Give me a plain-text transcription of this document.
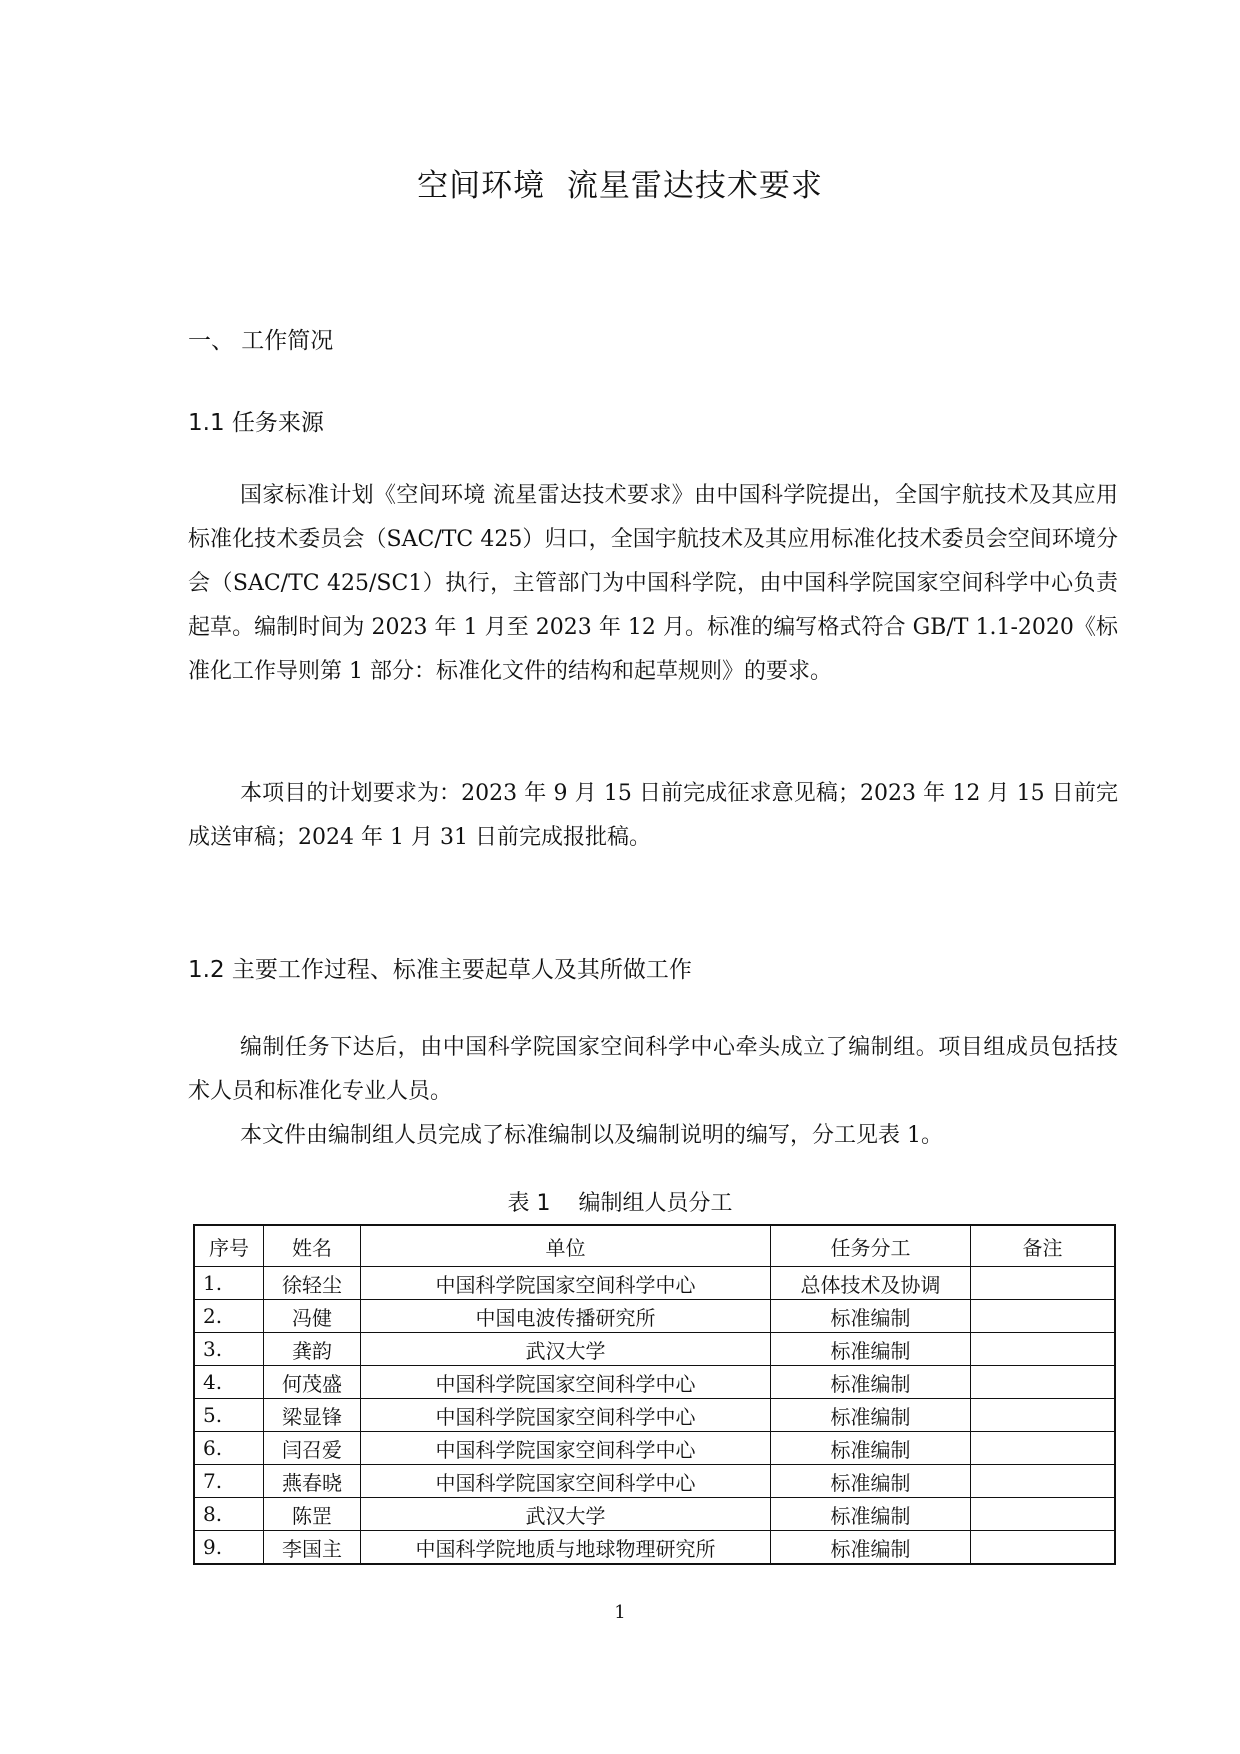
空间环境  流星雷达技术要求
一、 工作简况
1.1 任务来源

国家标准计划《空间环境 流星雷达技术要求》由中国科学院提出，全国宇航技术及其应用标准化技术委员会（SAC/TC 425）归口，全国宇航技术及其应用标准化技术委员会空间环境分会（SAC/TC 425/SC1）执行，主管部门为中国科学院，由中国科学院国家空间科学中心负责起草。编制时间为 2023 年 1 月至 2023 年 12 月。标准的编写格式符合 GB/T 1.1-2020《标准化工作导则第 1 部分：标准化文件的结构和起草规则》的要求。

本项目的计划要求为：2023 年 9 月 15 日前完成征求意见稿；2023 年 12 月 15 日前完成送审稿；2024 年 1 月 31 日前完成报批稿。

1.2 主要工作过程、标准主要起草人及其所做工作

编制任务下达后，由中国科学院国家空间科学中心牵头成立了编制组。项目组成员包括技术人员和标准化专业人员。

本文件由编制组人员完成了标准编制以及编制说明的编写，分工见表 1。

表 1    编制组人员分工
序号	姓名	单位	任务分工	备注
1.	徐轻尘	中国科学院国家空间科学中心	总体技术及协调	
2.	冯健	中国电波传播研究所	标准编制	
3.	龚韵	武汉大学	标准编制	
4.	何茂盛	中国科学院国家空间科学中心	标准编制	
5.	梁显锋	中国科学院国家空间科学中心	标准编制	
6.	闫召爱	中国科学院国家空间科学中心	标准编制	
7.	燕春晓	中国科学院国家空间科学中心	标准编制	
8.	陈罡	武汉大学	标准编制	
9.	李国主	中国科学院地质与地球物理研究所	标准编制	
1
